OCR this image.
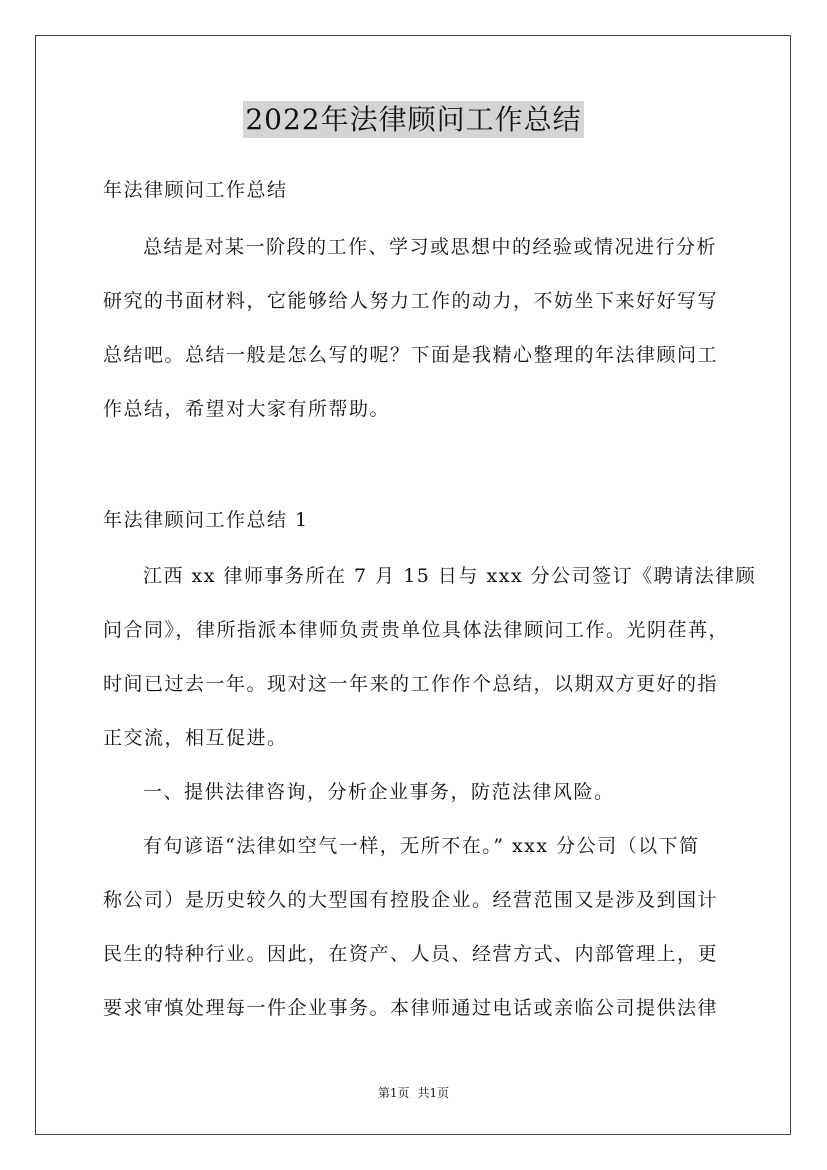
2022年法律顾问工作总结
年法律顾问工作总结
总结是对某一阶段的工作、学习或思想中的经验或情况进行分析
研究的书面材料，它能够给人努力工作的动力，不妨坐下来好好写写
总结吧。总结一般是怎么写的呢？下面是我精心整理的年法律顾问工
作总结，希望对大家有所帮助。
年法律顾问工作总结 1
江西 xx 律师事务所在 7 月 15 日与 xxx 分公司签订《聘请法律顾
问合同》，律所指派本律师负责贵单位具体法律顾问工作。光阴荏苒，
时间已过去一年。现对这一年来的工作作个总结，以期双方更好的指
正交流，相互促进。
一、提供法律咨询，分析企业事务，防范法律风险。
有句谚语“法律如空气一样，无所不在。” xxx 分公司（以下简
称公司）是历史较久的大型国有控股企业。经营范围又是涉及到国计
民生的特种行业。因此，在资产、人员、经营方式、内部管理上，更
要求审慎处理每一件企业事务。本律师通过电话或亲临公司提供法律
第1页 共1页
